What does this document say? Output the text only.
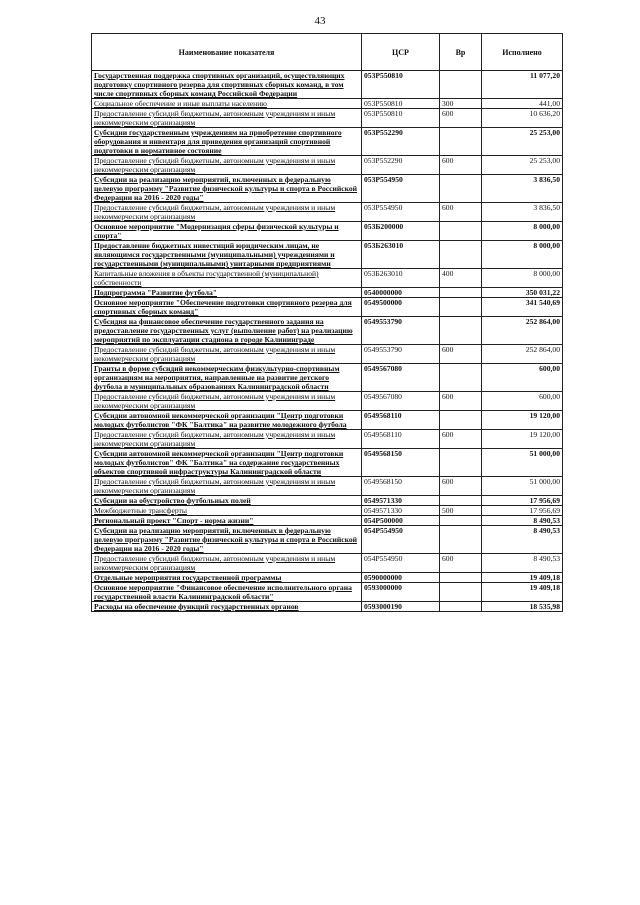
43
Наименование показателя	ЦСР	Вр	Исполнено
Государственная поддержка спортивных организаций, осуществляющих подготовку спортивного резерва для спортивных сборных команд, в том числе спортивных сборных команд Российской Федерации	053Р550810		11 077,20
Социальное обеспечение и иные выплаты населению	053Р550810	300	441,00
Предоставление субсидий бюджетным, автономным учреждениям и иным некоммерческим организациям	053Р550810	600	10 636,20
Субсидии государственным учреждениям на приобретение спортивного оборудования и инвентаря для приведения организаций спортивной подготовки в нормативное состояние	053Р552290		25 253,00
Предоставление субсидий бюджетным, автономным учреждениям и иным некоммерческим организациям	053Р552290	600	25 253,00
Субсидии на реализацию мероприятий, включенных в федеральную целевую программу "Развитие физической культуры и спорта в Российской Федерации на 2016 - 2020 годы"	053Р554950		3 836,50
Предоставление субсидий бюджетным, автономным учреждениям и иным некоммерческим организациям	053Р554950	600	3 836,50
Основное мероприятие "Модернизация сферы физической культуры и спорта"	053Б200000		8 000,00
Предоставление бюджетных инвестиций юридическим лицам, не являющимся государственными (муниципальными) учреждениями и государственными (муниципальными) унитарными предприятиями	053Б263010		8 000,00
Капитальные вложения в объекты государственной (муниципальной) собственности	053Б263010	400	8 000,00
Подпрограмма "Развитие футбола"	0540000000		350 031,22
Основное мероприятие "Обеспечение подготовки спортивного резерва для спортивных сборных команд"	0549500000		341 540,69
Субсидия на финансовое обеспечение государственного задания на предоставление государственных услуг (выполнение работ) на реализацию мероприятий по эксплуатации стадиона в городе Калининграде	0549553790		252 864,00
Предоставление субсидий бюджетным, автономным учреждениям и иным некоммерческим организациям	0549553790	600	252 864,00
Гранты в форме субсидий некоммерческим физкультурно-спортивным организациям на мероприятия, направленные на развитие детского футбола в муниципальных образованиях Калининградской области	0549567080		600,00
Предоставление субсидий бюджетным, автономным учреждениям и иным некоммерческим организациям	0549567080	600	600,00
Субсидии автономной некоммерческой организации "Центр подготовки молодых футболистов "ФК "Балтика" на развитие молодежного футбола	0549568110		19 120,00
Предоставление субсидий бюджетным, автономным учреждениям и иным некоммерческим организациям	0549568110	600	19 120,00
Субсидии автономной некоммерческой организации "Центр подготовки молодых футболистов" ФК "Балтика" на содержание государственных объектов спортивной инфраструктуры Калининградской области	0549568150		51 000,00
Предоставление субсидий бюджетным, автономным учреждениям и иным некоммерческим организациям	0549568150	600	51 000,00
Субсидии на обустройство футбольных полей	0549571330		17 956,69
Межбюджетные трансферты	0549571330	500	17 956,69
Региональный проект "Спорт - норма жизни"	054Р500000		8 490,53
Субсидии на реализацию мероприятий, включенных в федеральную целевую программу "Развитие физической культуры и спорта в Российской Федерации на 2016 - 2020 годы"	054Р554950		8 490,53
Предоставление субсидий бюджетным, автономным учреждениям и иным некоммерческим организациям	054Р554950	600	8 490,53
Отдельные мероприятия государственной программы	0590000000		19 409,18
Основное мероприятие "Финансовое обеспечение исполнительного органа государственной власти Калининградской области"	0593000000		19 409,18
Расходы на обеспечение функций государственных органов	0593000190		18 535,98
